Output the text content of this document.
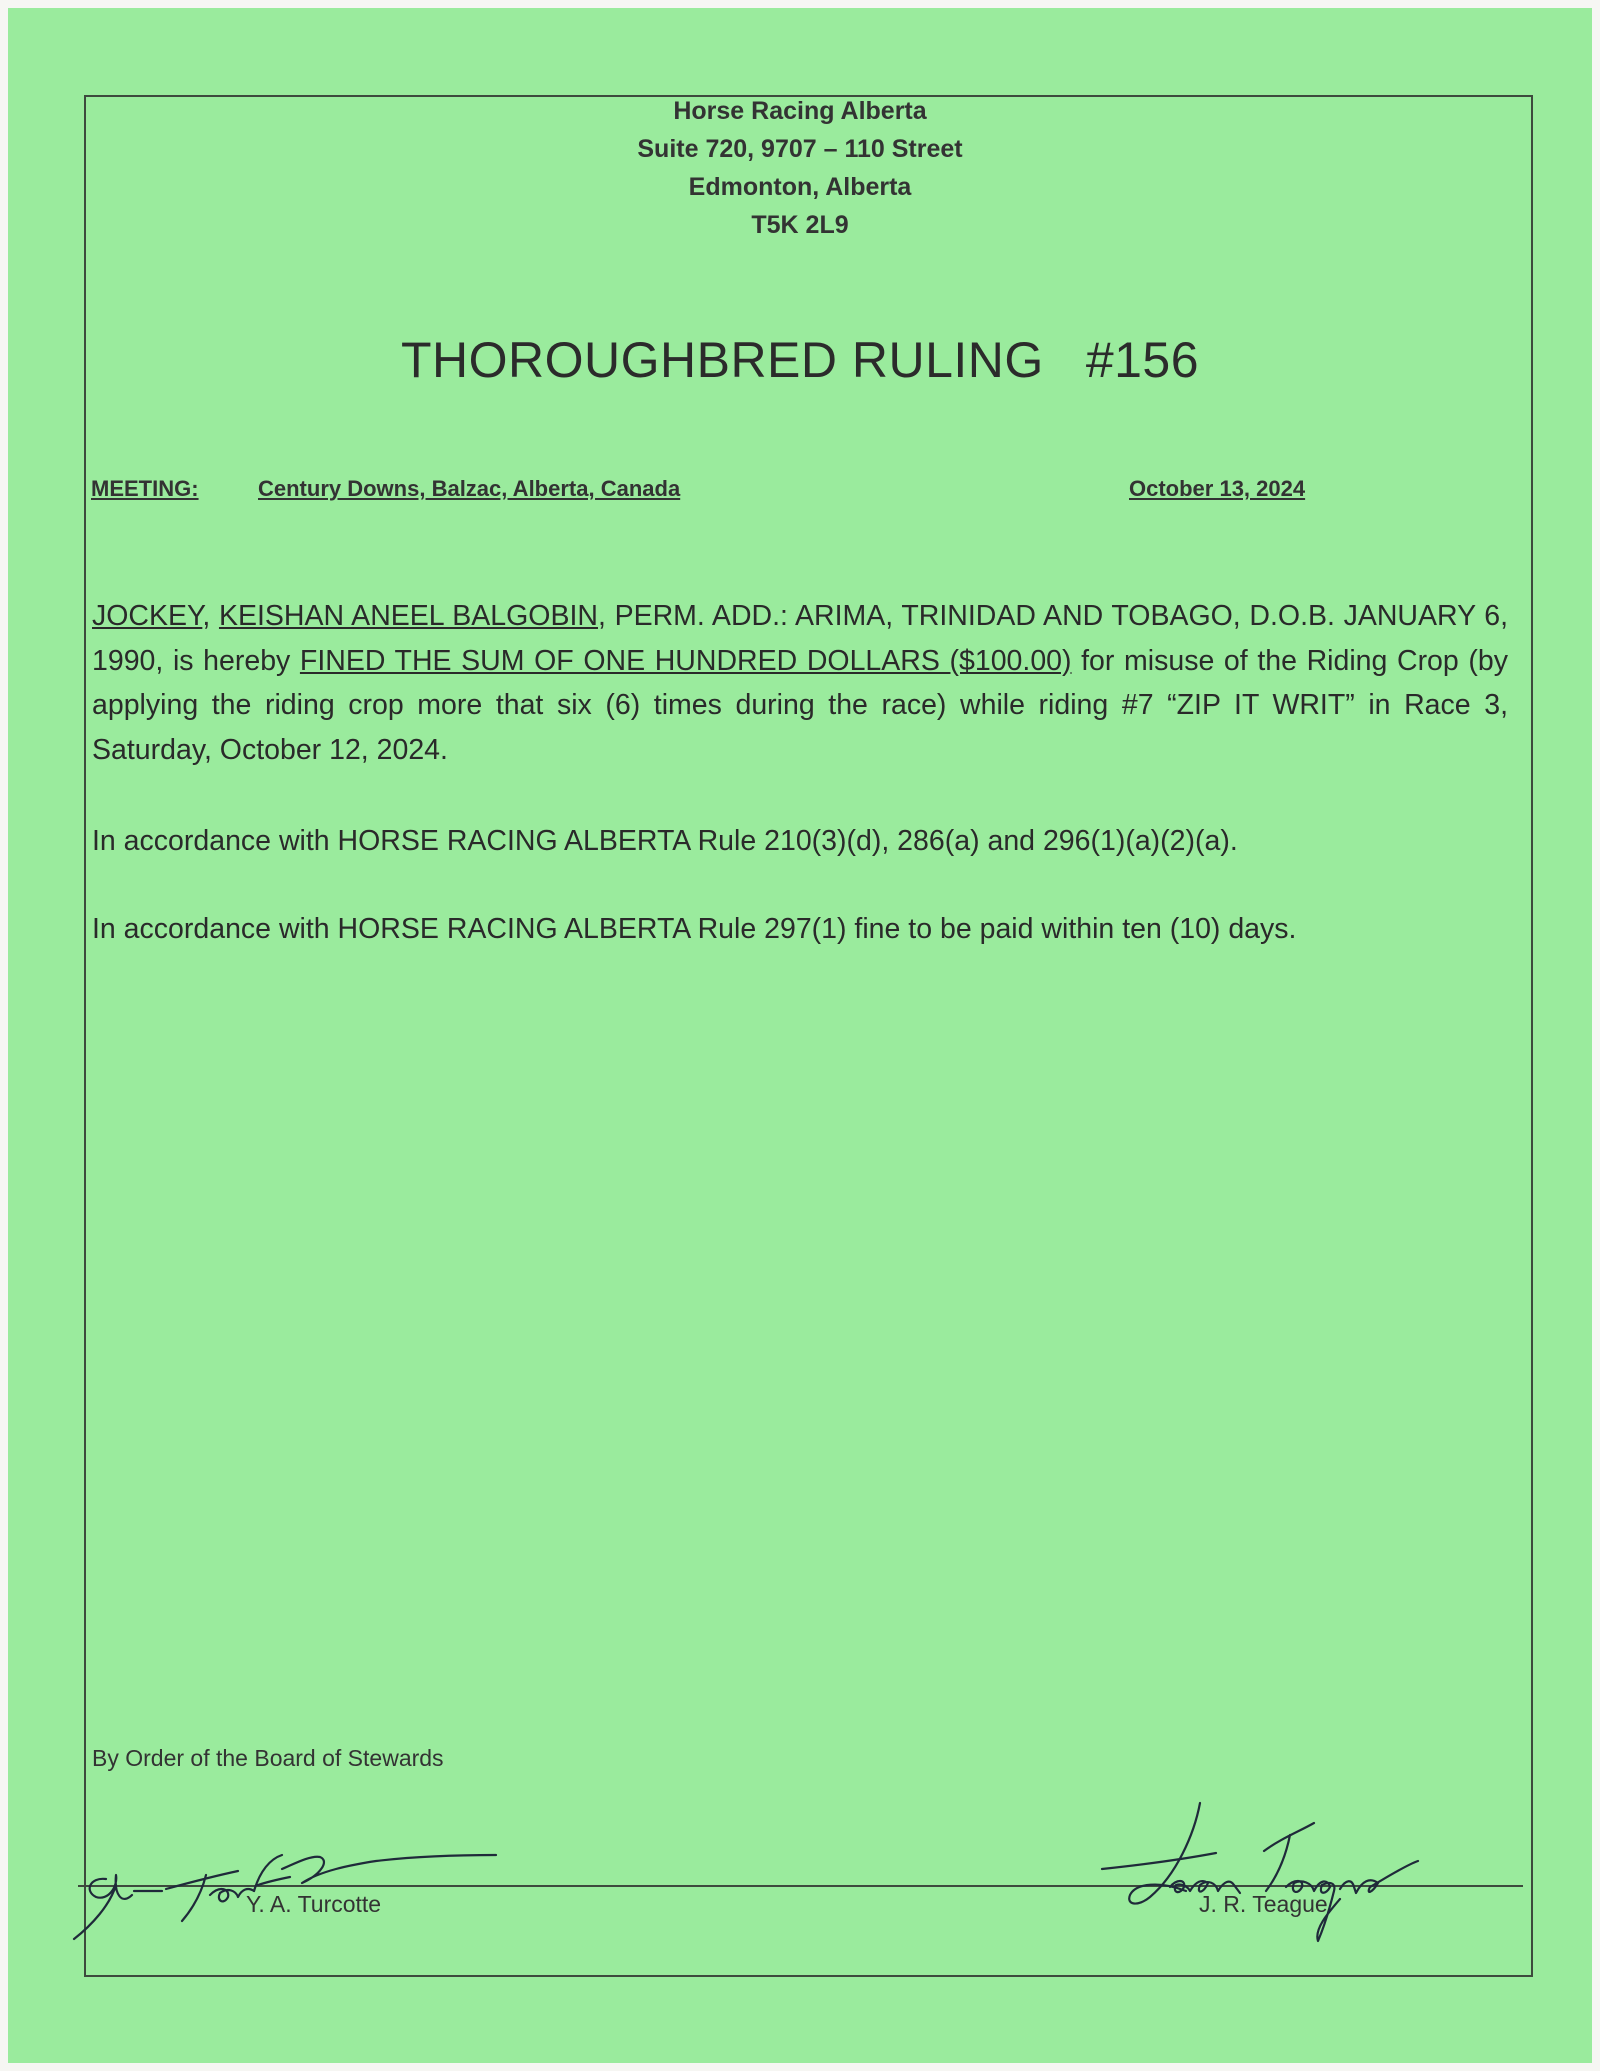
Horse Racing Alberta
Suite 720, 9707 – 110 Street
Edmonton, Alberta
T5K 2L9
THOROUGHBRED RULING #156
MEETING:	Century Downs, Balzac, Alberta, Canada	October 13, 2024
JOCKEY, KEISHAN ANEEL BALGOBIN, PERM. ADD.: ARIMA, TRINIDAD AND TOBAGO, D.O.B. JANUARY 6, 1990, is hereby FINED THE SUM OF ONE HUNDRED DOLLARS ($100.00) for misuse of the Riding Crop (by applying the riding crop more that six (6) times during the race) while riding #7 “ZIP IT WRIT” in Race 3, Saturday, October 12, 2024.
In accordance with HORSE RACING ALBERTA Rule 210(3)(d), 286(a) and 296(1)(a)(2)(a).
In accordance with HORSE RACING ALBERTA Rule 297(1) fine to be paid within ten (10) days.
By Order of the Board of Stewards
Y. A. Turcotte	J. R. Teague
